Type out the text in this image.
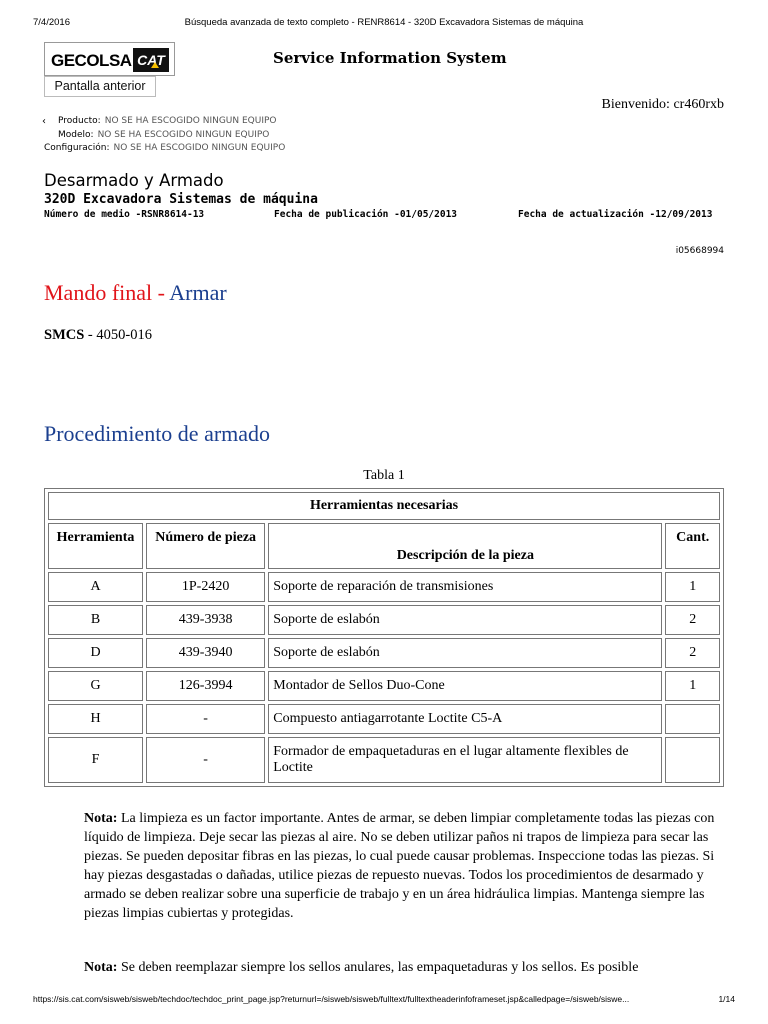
7/4/2016	Búsqueda avanzada de texto completo - RENR8614 - 320D Excavadora Sistemas de máquina
GECOLSA CAT
Pantalla anterior
Service Information System
Bienvenido: cr460rxb
‹	Producto: NO SE HA ESCOGIDO NINGUN EQUIPO
Modelo: NO SE HA ESCOGIDO NINGUN EQUIPO
Configuración: NO SE HA ESCOGIDO NINGUN EQUIPO
Desarmado y Armado
320D Excavadora Sistemas de máquina
Número de medio -RSNR8614-13	Fecha de publicación -01/05/2013	Fecha de actualización -12/09/2013
i05668994
Mando final - Armar
SMCS - 4050-016
Procedimiento de armado
Tabla 1
Herramientas necesarias			
Herramienta	Número de pieza	Descripción de la pieza	Cant.
A	1P-2420	Soporte de reparación de transmisiones	1
B	439-3938	Soporte de eslabón	2
D	439-3940	Soporte de eslabón	2
G	126-3994	Montador de Sellos Duo-Cone	1
H	-	Compuesto antiagarrotante Loctite C5-A	
F	-	Formador de empaquetaduras en el lugar altamente flexibles de Loctite	
Nota: La limpieza es un factor importante. Antes de armar, se deben limpiar completamente todas las piezas con líquido de limpieza. Deje secar las piezas al aire. No se deben utilizar paños ni trapos de limpieza para secar las piezas. Se pueden depositar fibras en las piezas, lo cual puede causar problemas. Inspeccione todas las piezas. Si hay piezas desgastadas o dañadas, utilice piezas de repuesto nuevas. Todos los procedimientos de desarmado y armado se deben realizar sobre una superficie de trabajo y en un área hidráulica limpias. Mantenga siempre las piezas limpias cubiertas y protegidas.
Nota: Se deben reemplazar siempre los sellos anulares, las empaquetaduras y los sellos. Es posible
https://sis.cat.com/sisweb/sisweb/techdoc/techdoc_print_page.jsp?returnurl=/sisweb/sisweb/fulltext/fulltextheaderinfoframeset.jsp&calledpage=/sisweb/siswe...	1/14
